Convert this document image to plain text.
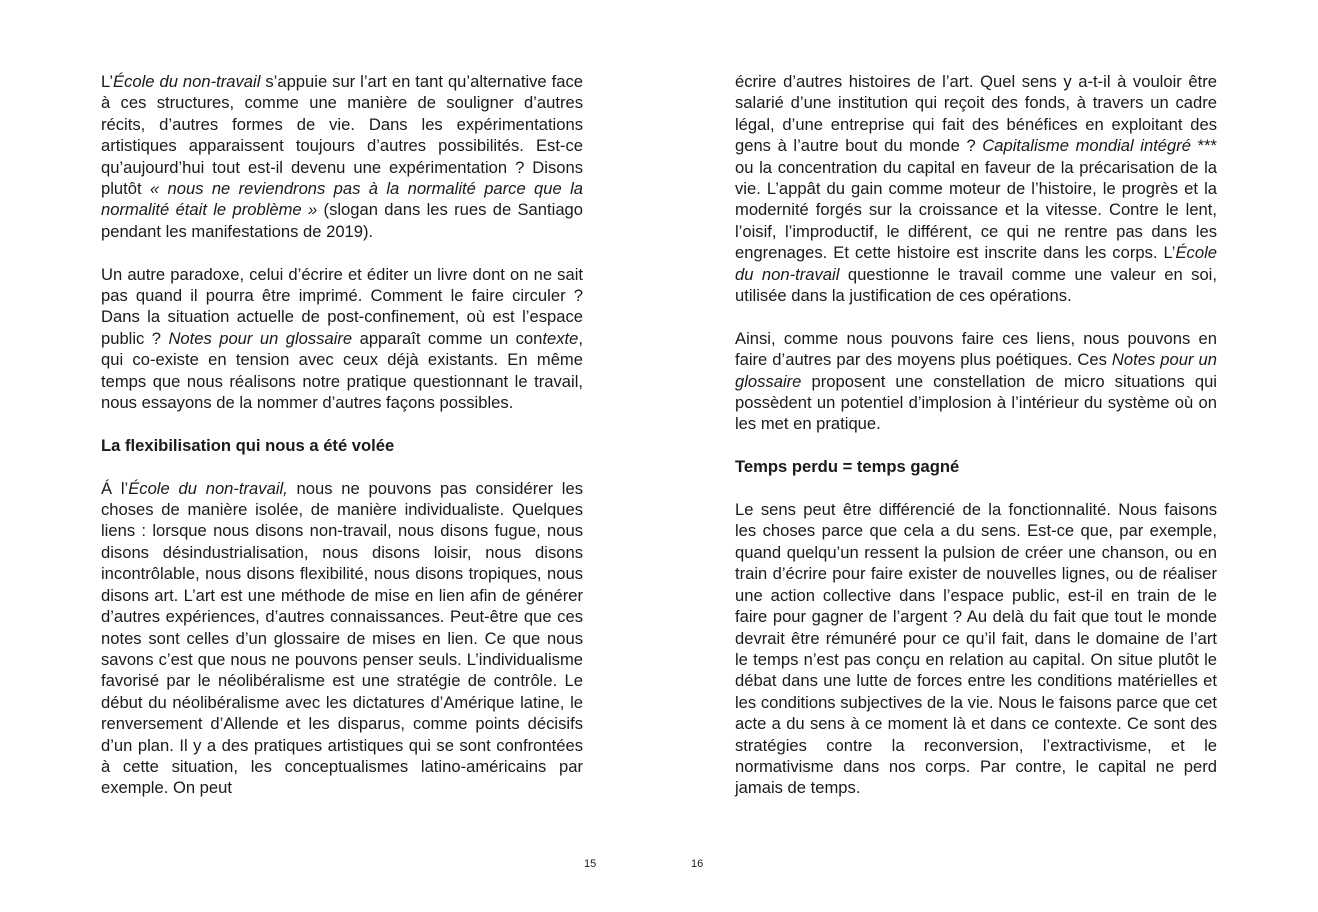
L’École du non-travail s’appuie sur l’art en tant qu’alternative face à ces structures, comme une manière de souligner d’autres récits, d’autres formes de vie. Dans les expérimentations artistiques apparaissent toujours d’autres possibilités. Est-ce qu’aujourd’hui tout est-il devenu une expérimentation ? Disons plutôt « nous ne reviendrons pas à la normalité parce que la normalité était le problème » (slogan dans les rues de Santiago pendant les manifestations de 2019).

Un autre paradoxe, celui d’écrire et éditer un livre dont on ne sait pas quand il pourra être imprimé. Comment le faire circuler ? Dans la situation actuelle de post-confinement, où est l’espace public ? Notes pour un glossaire apparaît comme un contexte, qui co-existe en tension avec ceux déjà existants. En même temps que nous réalisons notre pratique questionnant le travail, nous essayons de la nommer d’autres façons possibles.

La flexibilisation qui nous a été volée

Á l’École du non-travail, nous ne pouvons pas considérer les choses de manière isolée, de manière individualiste. Quelques liens : lorsque nous disons non-travail, nous disons fugue, nous disons désindustrialisation, nous disons loisir, nous disons incontrôlable, nous disons flexibilité, nous disons tropiques, nous disons art. L’art est une méthode de mise en lien afin de générer d’autres expériences, d’autres connaissances. Peut-être que ces notes sont celles d’un glossaire de mises en lien. Ce que nous savons c’est que nous ne pouvons penser seuls. L’individualisme favorisé par le néolibéralisme est une stratégie de contrôle. Le début du néolibéralisme avec les dictatures d’Amérique latine, le renversement d’Allende et les disparus, comme points décisifs d’un plan. Il y a des pratiques artistiques qui se sont confrontées à cette situation, les conceptualismes latino-américains par exemple. On peut

15

écrire d’autres histoires de l’art. Quel sens y a-t-il à vouloir être salarié d’une institution qui reçoit des fonds, à travers un cadre légal, d’une entreprise qui fait des bénéfices en exploitant des gens à l’autre bout du monde ? Capitalisme mondial intégré *** ou la concentration du capital en faveur de la précarisation de la vie. L’appât du gain comme moteur de l’histoire, le progrès et la modernité forgés sur la croissance et la vitesse. Contre le lent, l’oisif, l’improductif, le différent, ce qui ne rentre pas dans les engrenages. Et cette histoire est inscrite dans les corps. L’École du non-travail questionne le travail comme une valeur en soi, utilisée dans la justification de ces opérations.

Ainsi, comme nous pouvons faire ces liens, nous pouvons en faire d’autres par des moyens plus poétiques. Ces Notes pour un glossaire proposent une constellation de micro situations qui possèdent un potentiel d’implosion à l’intérieur du système où on les met en pratique.

Temps perdu = temps gagné

Le sens peut être différencié de la fonctionnalité. Nous faisons les choses parce que cela a du sens. Est-ce que, par exemple, quand quelqu’un ressent la pulsion de créer une chanson, ou en train d’écrire pour faire exister de nouvelles lignes, ou de réaliser une action collective dans l’espace public, est-il en train de le faire pour gagner de l’argent ? Au delà du fait que tout le monde devrait être rémunéré pour ce qu’il fait, dans le domaine de l’art le temps n’est pas conçu en relation au capital. On situe plutôt le débat dans une lutte de forces entre les conditions matérielles et les conditions subjectives de la vie. Nous le faisons parce que cet acte a du sens à ce moment là et dans ce contexte. Ce sont des stratégies contre la reconversion, l’extractivisme, et le normativisme dans nos corps. Par contre, le capital ne perd jamais de temps.

16
